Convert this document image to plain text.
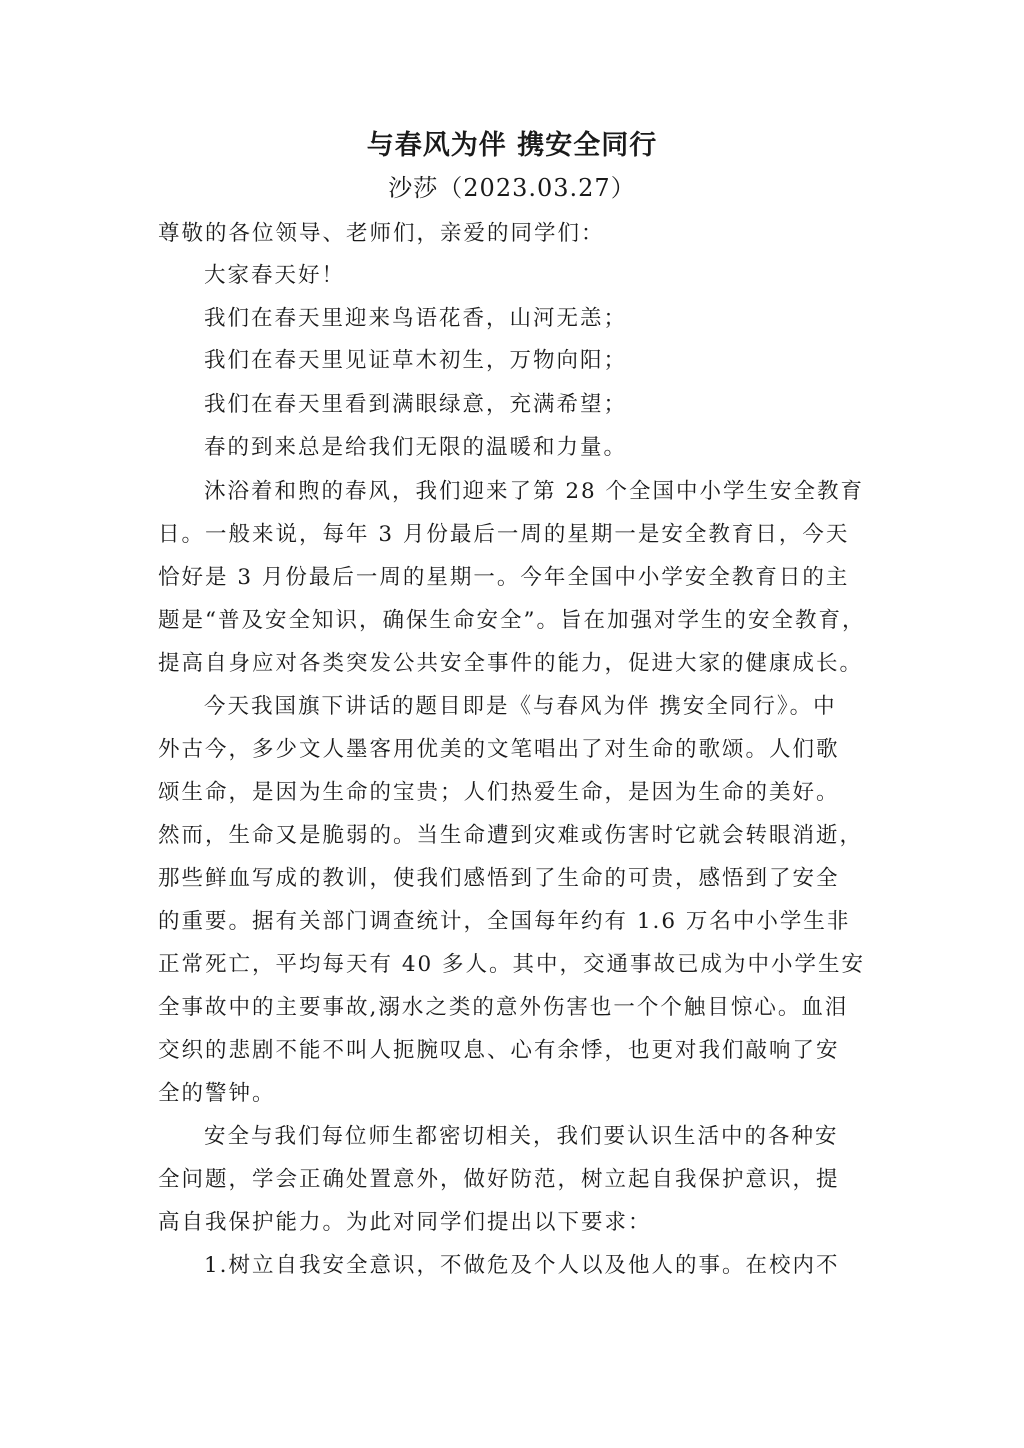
与春风为伴 携安全同行
沙莎（2023.03.27）
尊敬的各位领导、老师们，亲爱的同学们：
大家春天好！
我们在春天里迎来鸟语花香，山河无恙；
我们在春天里见证草木初生，万物向阳；
我们在春天里看到满眼绿意，充满希望；
春的到来总是给我们无限的温暖和力量。
沐浴着和煦的春风，我们迎来了第 28 个全国中小学生安全教育
日。一般来说，每年 3 月份最后一周的星期一是安全教育日，今天
恰好是 3 月份最后一周的星期一。今年全国中小学安全教育日的主
题是“普及安全知识，确保生命安全”。旨在加强对学生的安全教育，
提高自身应对各类突发公共安全事件的能力，促进大家的健康成长。
今天我国旗下讲话的题目即是《与春风为伴 携安全同行》。中
外古今，多少文人墨客用优美的文笔唱出了对生命的歌颂。人们歌
颂生命，是因为生命的宝贵；人们热爱生命，是因为生命的美好。
然而，生命又是脆弱的。当生命遭到灾难或伤害时它就会转眼消逝，
那些鲜血写成的教训，使我们感悟到了生命的可贵，感悟到了安全
的重要。据有关部门调查统计，全国每年约有 1.6 万名中小学生非
正常死亡，平均每天有 40 多人。其中，交通事故已成为中小学生安
全事故中的主要事故,溺水之类的意外伤害也一个个触目惊心。血泪
交织的悲剧不能不叫人扼腕叹息、心有余悸，也更对我们敲响了安
全的警钟。
安全与我们每位师生都密切相关，我们要认识生活中的各种安
全问题，学会正确处置意外，做好防范，树立起自我保护意识，提
高自我保护能力。为此对同学们提出以下要求：
1.树立自我安全意识，不做危及个人以及他人的事。在校内不
